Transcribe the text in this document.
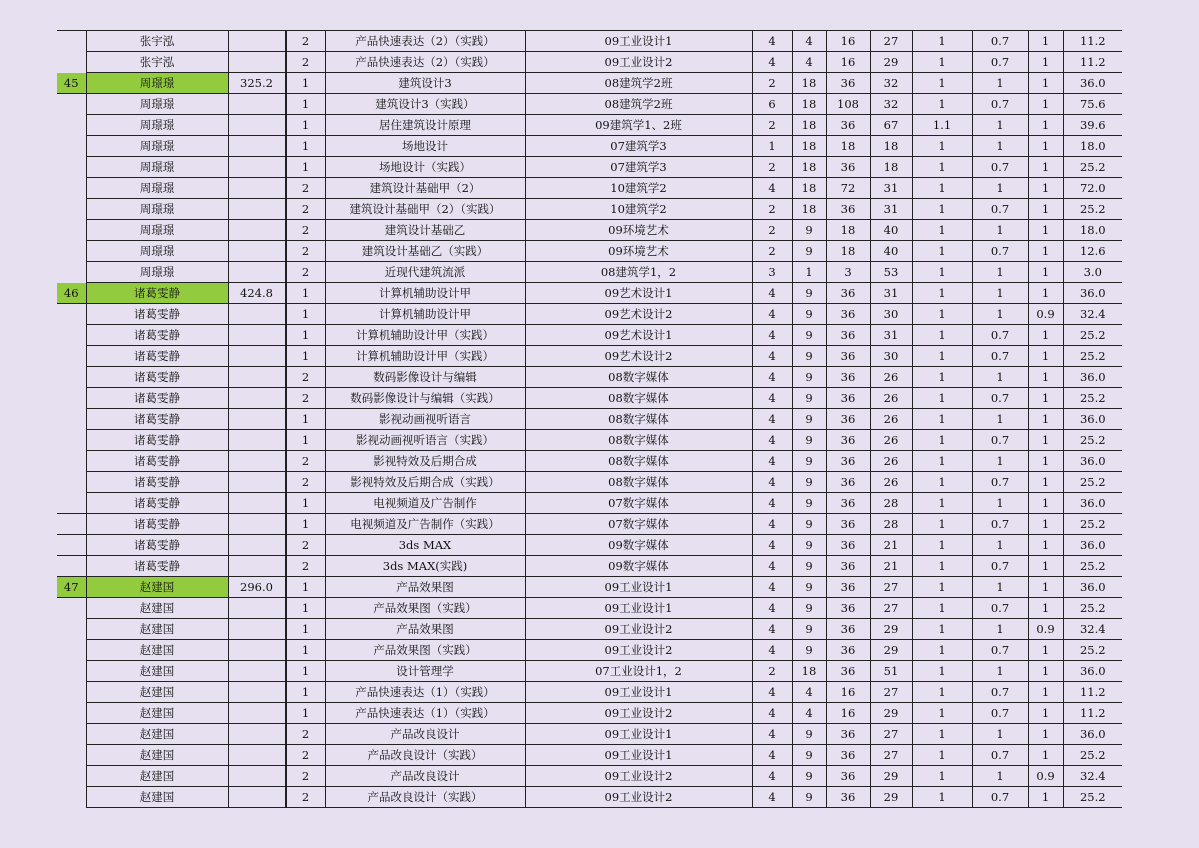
	张宇泓			2	产品快速表达（2）（实践）	09工业设计1	4	4	16	27	1	0.7	1	11.2
	张宇泓			2	产品快速表达（2）（实践）	09工业设计2	4	4	16	29	1	0.7	1	11.2
45	周璟璟	325.2		1	建筑设计3	08建筑学2班	2	18	36	32	1	1	1	36.0
	周璟璟			1	建筑设计3（实践）	08建筑学2班	6	18	108	32	1	0.7	1	75.6
	周璟璟			1	居住建筑设计原理	09建筑学1、2班	2	18	36	67	1.1	1	1	39.6
	周璟璟			1	场地设计	07建筑学3	1	18	18	18	1	1	1	18.0
	周璟璟			1	场地设计（实践）	07建筑学3	2	18	36	18	1	0.7	1	25.2
	周璟璟			2	建筑设计基础甲（2）	10建筑学2	4	18	72	31	1	1	1	72.0
	周璟璟			2	建筑设计基础甲（2）（实践）	10建筑学2	2	18	36	31	1	0.7	1	25.2
	周璟璟			2	建筑设计基础乙	09环境艺术	2	9	18	40	1	1	1	18.0
	周璟璟			2	建筑设计基础乙（实践）	09环境艺术	2	9	18	40	1	0.7	1	12.6
	周璟璟			2	近现代建筑流派	08建筑学1，2	3	1	3	53	1	1	1	3.0
46	诸葛雯静	424.8		1	计算机辅助设计甲	09艺术设计1	4	9	36	31	1	1	1	36.0
	诸葛雯静			1	计算机辅助设计甲	09艺术设计2	4	9	36	30	1	1	0.9	32.4
	诸葛雯静			1	计算机辅助设计甲（实践）	09艺术设计1	4	9	36	31	1	0.7	1	25.2
	诸葛雯静			1	计算机辅助设计甲（实践）	09艺术设计2	4	9	36	30	1	0.7	1	25.2
	诸葛雯静			2	数码影像设计与编辑	08数字媒体	4	9	36	26	1	1	1	36.0
	诸葛雯静			2	数码影像设计与编辑（实践）	08数字媒体	4	9	36	26	1	0.7	1	25.2
	诸葛雯静			1	影视动画视听语言	08数字媒体	4	9	36	26	1	1	1	36.0
	诸葛雯静			1	影视动画视听语言（实践）	08数字媒体	4	9	36	26	1	0.7	1	25.2
	诸葛雯静			2	影视特效及后期合成	08数字媒体	4	9	36	26	1	1	1	36.0
	诸葛雯静			2	影视特效及后期合成（实践）	08数字媒体	4	9	36	26	1	0.7	1	25.2
	诸葛雯静			1	电视频道及广告制作	07数字媒体	4	9	36	28	1	1	1	36.0
	诸葛雯静			1	电视频道及广告制作（实践）	07数字媒体	4	9	36	28	1	0.7	1	25.2
	诸葛雯静			2	3ds MAX	09数字媒体	4	9	36	21	1	1	1	36.0
	诸葛雯静			2	3ds MAX(实践)	09数字媒体	4	9	36	21	1	0.7	1	25.2
47	赵建国	296.0		1	产品效果图	09工业设计1	4	9	36	27	1	1	1	36.0
	赵建国			1	产品效果图（实践）	09工业设计1	4	9	36	27	1	0.7	1	25.2
	赵建国			1	产品效果图	09工业设计2	4	9	36	29	1	1	0.9	32.4
	赵建国			1	产品效果图（实践）	09工业设计2	4	9	36	29	1	0.7	1	25.2
	赵建国			1	设计管理学	07工业设计1，2	2	18	36	51	1	1	1	36.0
	赵建国			1	产品快速表达（1）（实践）	09工业设计1	4	4	16	27	1	0.7	1	11.2
	赵建国			1	产品快速表达（1）（实践）	09工业设计2	4	4	16	29	1	0.7	1	11.2
	赵建国			2	产品改良设计	09工业设计1	4	9	36	27	1	1	1	36.0
	赵建国			2	产品改良设计（实践）	09工业设计1	4	9	36	27	1	0.7	1	25.2
	赵建国			2	产品改良设计	09工业设计2	4	9	36	29	1	1	0.9	32.4
	赵建国			2	产品改良设计（实践）	09工业设计2	4	9	36	29	1	0.7	1	25.2
